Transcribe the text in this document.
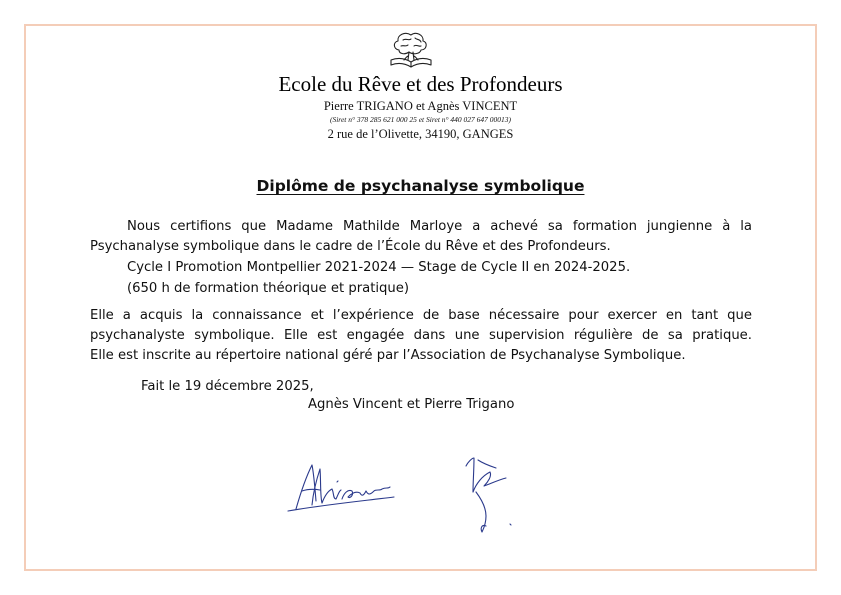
Ecole du Rêve et des Profondeurs
Pierre TRIGANO et Agnès VINCENT
(Siret n° 378 285 621 000 25 et Siret n° 440 027 647 00013)
2 rue de l’Olivette, 34190, GANGES
Diplôme de psychanalyse symbolique
Nous certifions que Madame Mathilde Marloye a achevé sa formation jungienne à la
Psychanalyse symbolique dans le cadre de l’École du Rêve et des Profondeurs.
Cycle I Promotion Montpellier 2021-2024 — Stage de Cycle II en 2024-2025.
(650 h de formation théorique et pratique)
Elle a acquis la connaissance et l’expérience de base nécessaire pour exercer en tant que
psychanalyste symbolique. Elle est engagée dans une supervision régulière de sa pratique.
Elle est inscrite au répertoire national géré par l’Association de Psychanalyse Symbolique.
Fait le 19 décembre 2025,
Agnès Vincent et Pierre Trigano
